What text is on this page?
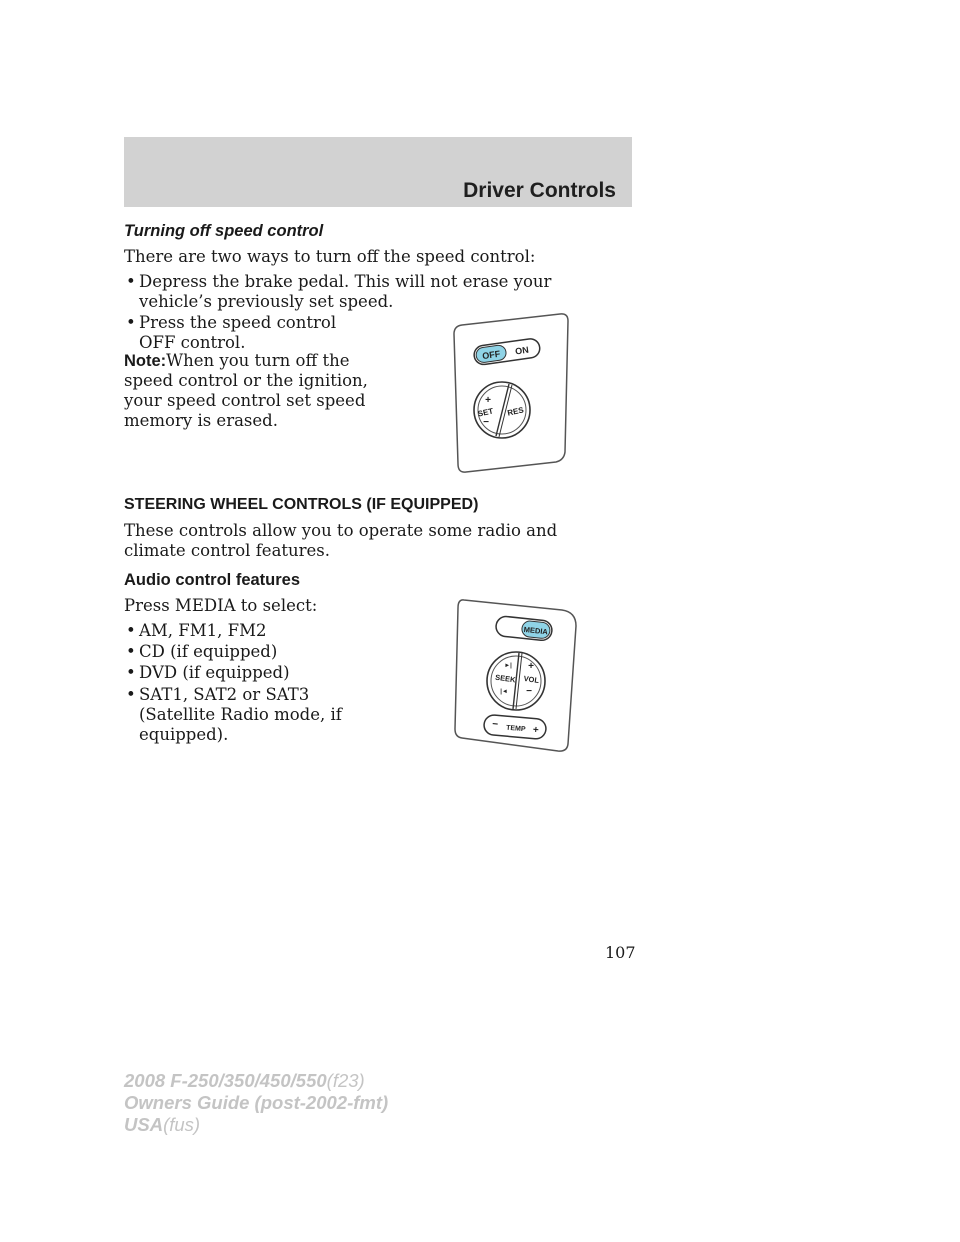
Driver Controls
Turning off speed control
There are two ways to turn off the speed control:
• Depress the brake pedal. This will not erase your vehicle’s previously set speed.
• Press the speed control OFF control.
Note:When you turn off the speed control or the ignition, your speed control set speed memory is erased.
OFF ON
+
SET
−
RES
STEERING WHEEL CONTROLS (IF EQUIPPED)
These controls allow you to operate some radio and climate control features.
Audio control features
Press MEDIA to select:
• AM, FM1, FM2
• CD (if equipped)
• DVD (if equipped)
• SAT1, SAT2 or SAT3 (Satellite Radio mode, if equipped).
MEDIA
►|
SEEK
|◄
+
VOL
−
− TEMP +
107
2008 F-250/350/450/550(f23)
Owners Guide (post-2002-fmt)
USA(fus)
